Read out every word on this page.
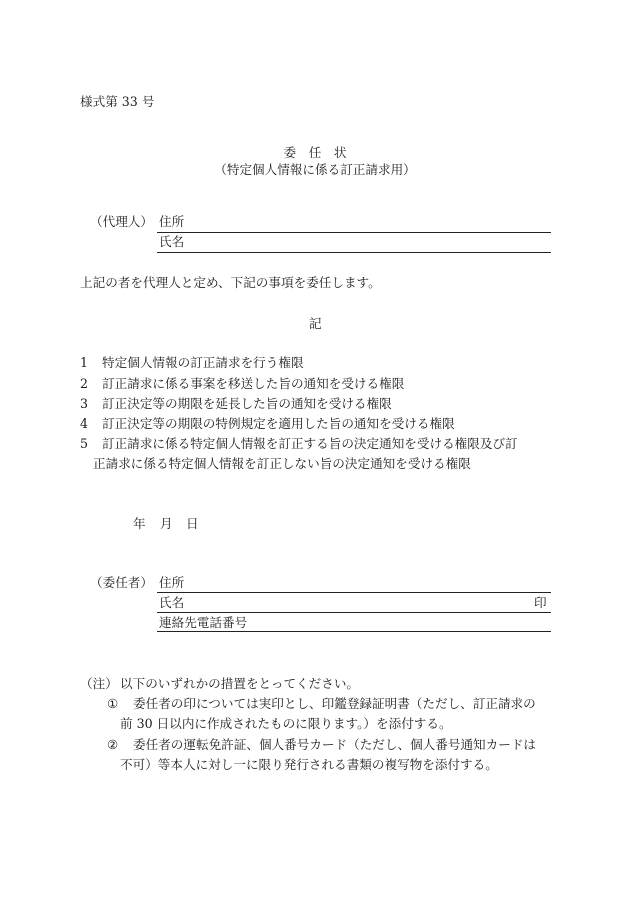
様式第 33 号
委　任　状
（特定個人情報に係る訂正請求用）
（代理人） 住所
氏名
上記の者を代理人と定め、下記の事項を委任します。
記
1 特定個人情報の訂正請求を行う権限
2 訂正請求に係る事案を移送した旨の通知を受ける権限
3 訂正決定等の期限を延長した旨の通知を受ける権限
4 訂正決定等の期限の特例規定を適用した旨の通知を受ける権限
5 訂正請求に係る特定個人情報を訂正する旨の決定通知を受ける権限及び訂
正請求に係る特定個人情報を訂正しない旨の決定通知を受ける権限
年 月 日
（委任者） 住所
氏名	印
連絡先電話番号
（注） 以下のいずれかの措置をとってください。
① 委任者の印については実印とし、印鑑登録証明書（ただし、訂正請求の
前 30 日以内に作成されたものに限ります。）を添付する。
② 委任者の運転免許証、個人番号カード（ただし、個人番号通知カードは
不可）等本人に対し一に限り発行される書類の複写物を添付する。
